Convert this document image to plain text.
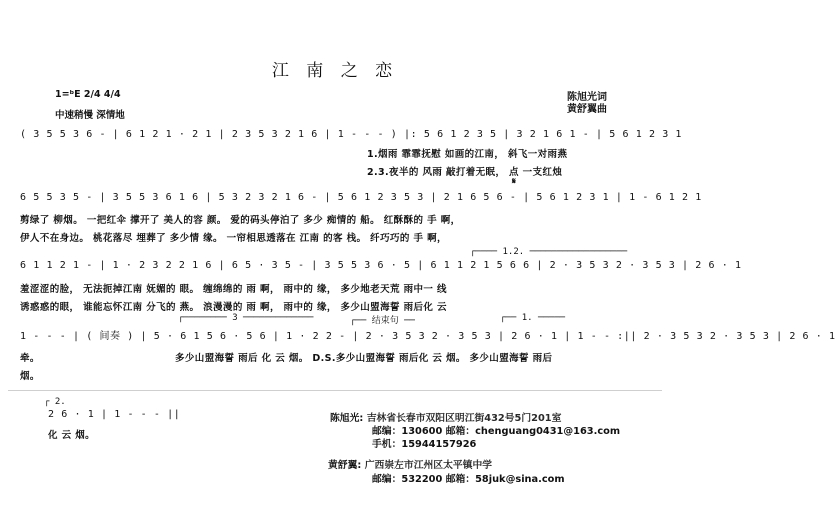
江 南 之 恋
陈旭光词
黄舒翼曲
1=ᵇE 2/4 4/4
中速稍慢 深情地
( 3 5 5 3 6 - | 6 1 2 1 · 2 1 | 2 3 5 3 2 1 6 | 1 - - - ) |: 5 6 1 2 3 5 | 3 2 1 6 1 - | 5 6 1 2 3 1
1.烟雨 霏霏抚慰 如画的江南， 斜飞一对雨燕
2.3.夜半的 风雨 敲打着无眠， 点 一支红烛
𝄋
6 5 5 3 5 - | 3 5 5 3 6 1 6 | 5 3 2 3 2 1 6 - | 5 6 1 2 3 5 3 | 2 1 6 5 6 - | 5 6 1 2 3 1 | 1 - 6 1 2 1
剪绿了 柳烟。 一把红伞 撑开了 美人的容 颜。 爱的码头停泊了 多少 痴情的 船。 红酥酥的 手 啊，
伊人不在身边。 桃花落尽 埋葬了 多少情 缘。 一帘相思透落在 江南 的客 栈。 纤巧巧的 手 啊，
┌──── 1.2. ──────────────────
6 1 1 2 1 - | 1 · 2 3 2 2 1 6 | 6 5 · 3 5 - | 3 5 5 3 6 · 5 | 6 1 1 2 1 5 6 6 | 2 · 3 5 3 2 · 3 5 3 | 2 6 · 1
羞涩涩的脸， 无法扼掉江南 妩媚的 眼。 缠绵绵的 雨 啊， 雨中的 缘， 多少地老天荒 雨中一 线
诱惑惑的眼， 谁能忘怀江南 分飞的 燕。 浪漫漫的 雨 啊， 雨中的 缘， 多少山盟海誓 雨后化 云
┌──────── 3 ─────────────	┌── 结束句 ──	┌── 1. ─────
1 - - - | ( 间奏 ) | 5 · 6 1 5 6 · 5 6 | 1 · 2 2 - | 2 · 3 5 3 2 · 3 5 3 | 2 6 · 1 | 1 - - :|| 2 · 3 5 3 2 · 3 5 3 | 2 6 · 1
牵。	多少山盟海誓 雨后 化 云 烟。 D.S.多少山盟海誓 雨后化 云 烟。 多少山盟海誓 雨后
烟。
┌ 2.
2 6 · 1 | 1 - - - ||
化 云 烟。
陈旭光: 吉林省长春市双阳区明江街432号5门201室
邮编：130600 邮箱：chenguang0431@163.com
手机：15944157926
黄舒翼: 广西崇左市江州区太平镇中学
邮编：532200 邮箱：58juk@sina.com
